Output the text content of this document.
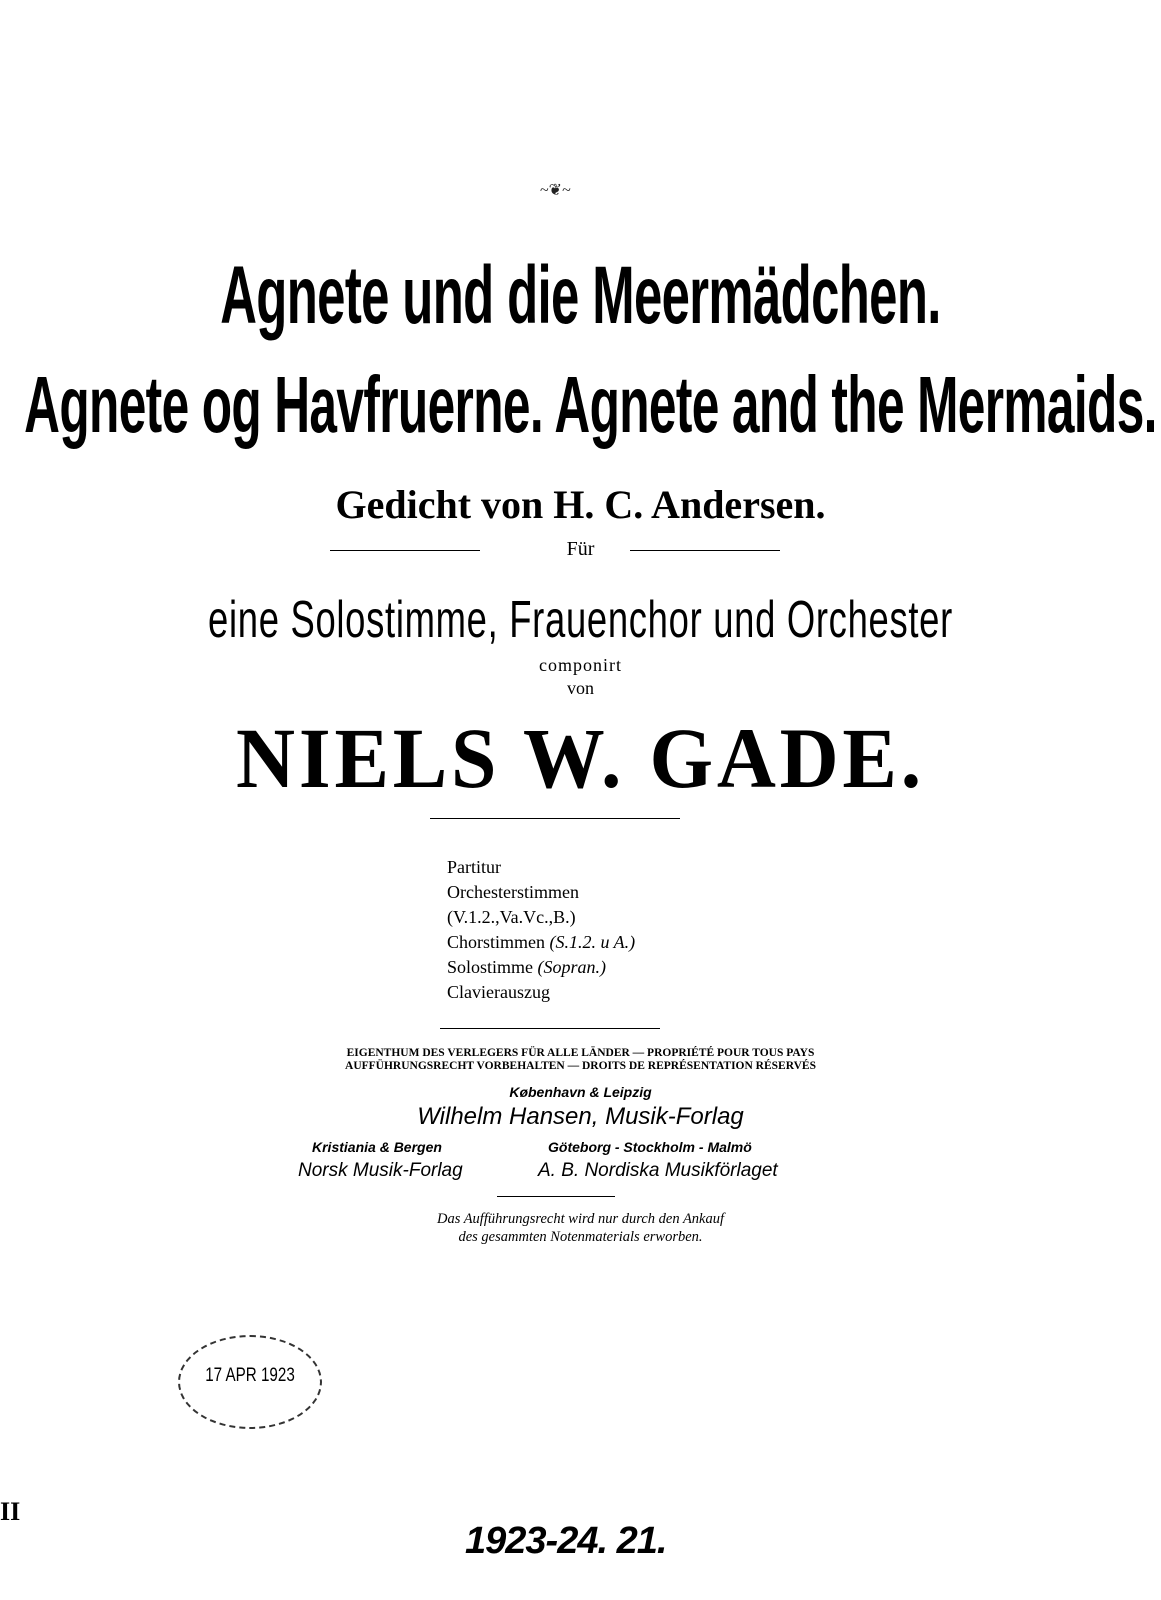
~❦~
Agnete und die Meermädchen.
Agnete og Havfruerne. Agnete and the Mermaids.
Gedicht von H. C. Andersen.
Für
eine Solostimme, Frauenchor und Orchester
componirt
von
NIELS W. GADE.
Partitur
Orchesterstimmen
(V.1.2.,Va.Vc.,B.)
Chorstimmen (S.1.2. u A.)
Solostimme (Sopran.)
Clavierauszug
EIGENTHUM DES VERLEGERS FÜR ALLE LÄNDER — PROPRIÉTÉ POUR TOUS PAYS
AUFFÜHRUNGSRECHT VORBEHALTEN — DROITS DE REPRÉSENTATION RÉSERVÉS
København & Leipzig
Wilhelm Hansen, Musik-Forlag
Kristiania & Bergen
Norsk Musik-Forlag
Göteborg - Stockholm - Malmö
A. B. Nordiska Musikförlaget
Das Aufführungsrecht wird nur durch den Ankauf
des gesammten Notenmaterials erworben.
17 APR 1923
1923-24. 21.
II
